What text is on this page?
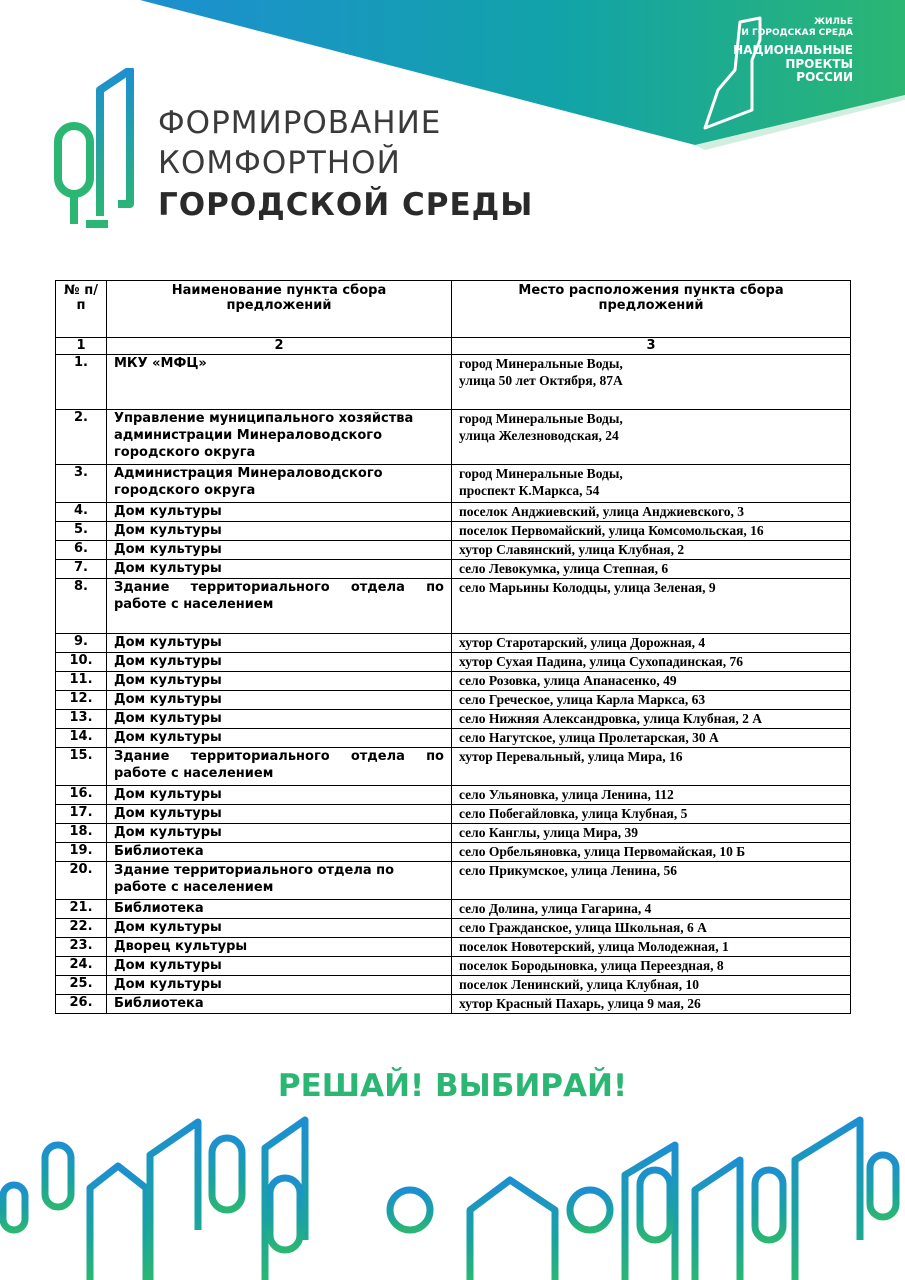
ЖИЛЬЕ
И ГОРОДСКАЯ СРЕДА
НАЦИОНАЛЬНЫЕ
ПРОЕКТЫ
РОССИИ
ФОРМИРОВАНИЕ
КОМФОРТНОЙ
ГОРОДСКОЙ СРЕДЫ
№ п/п	Наименование пункта сбора предложений	Место расположения пункта сбора предложений
1	2	3
1.	МКУ «МФЦ»	город Минеральные Воды,
улица 50 лет Октября, 87А
2.	Управление муниципального хозяйства администрации Минераловодского городского округа	город Минеральные Воды,
улица Железноводская, 24
3.	Администрация Минераловодского городского округа	город Минеральные Воды,
проспект К.Маркса, 54
4.	Дом культуры	поселок Анджиевский, улица Анджиевского, 3
5.	Дом культуры	поселок Первомайский, улица Комсомольская, 16
6.	Дом культуры	хутор Славянский, улица Клубная, 2
7.	Дом культуры	село Левокумка, улица Степная, 6
8.	Здание территориального отдела по работе с населением	село Марьины Колодцы, улица Зеленая, 9
9.	Дом культуры	хутор Старотарский, улица Дорожная, 4
10.	Дом культуры	хутор Сухая Падина, улица Сухопадинская, 76
11.	Дом культуры	село Розовка, улица Апанасенко, 49
12.	Дом культуры	село Греческое, улица Карла Маркса, 63
13.	Дом культуры	село Нижняя Александровка, улица Клубная, 2 А
14.	Дом культуры	село Нагутское, улица Пролетарская, 30 А
15.	Здание территориального отдела по работе с населением	хутор Перевальный, улица Мира, 16
16.	Дом культуры	село Ульяновка, улица Ленина, 112
17.	Дом культуры	село Побегайловка, улица Клубная, 5
18.	Дом культуры	село Канглы, улица Мира, 39
19.	Библиотека	село Орбельяновка, улица Первомайская, 10 Б
20.	Здание территориального отдела по работе с населением	село Прикумское, улица Ленина, 56
21.	Библиотека	село Долина, улица Гагарина, 4
22.	Дом культуры	село Гражданское, улица Школьная, 6 А
23.	Дворец культуры	поселок Новотерский, улица Молодежная, 1
24.	Дом культуры	поселок Бородыновка, улица Переездная, 8
25.	Дом культуры	поселок Ленинский, улица Клубная, 10
26.	Библиотека	хутор Красный Пахарь, улица 9 мая, 26
РЕШАЙ! ВЫБИРАЙ!
